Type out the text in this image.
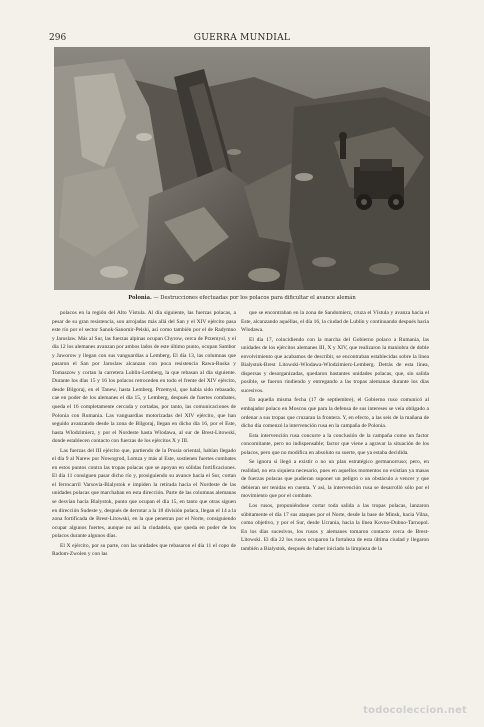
296	GUERRA MUNDIAL
Polonia. — Destrucciones efectuadas por los polacos para dificultar el avance alemán

polacos en la región del Alto Vístula. Al día siguiente, las fuerzas polacas, a pesar de su gran resistencia, son arrojadas más allá del San y el XIV ejército pasa este río por el sector Sanok-Sanomir-Pelski, así como también por el de Radymno y Jaroslaw. Más al Sur, las fuerzas alpinas ocupan Chyrow, cerca de Przemysl, y el día 12 los alemanes avanzan por ambos lados de este último punto, ocupan Sambor y Jaworow y llegan con sus vanguardias a Lemberg. El día 13, las columnas que pasaron el San por Jaroslaw alcanzan con poca resistencia Rawa-Ruska y Tomaszow y cortan la carretera Lublin-Lemberg, la que rebasan al día siguiente. Durante los días 15 y 16 los polacos retroceden en todo el frente del XIV ejército, desde Bilgoraj, en el Tanew, hasta Lemberg. Przemysl, que había sido rebasado, cae en poder de los alemanes el día 15, y Lemberg, después de fuertes combates, queda el 16 completamente cercada y cortadas, por tanto, las comunicaciones de Polonia con Rumania. Las vanguardias motorizadas del XIV ejército, que han seguido avanzando desde la zona de Bilgoraj, llegan en dicho día 16, por el Este, hasta Wlodzimierz, y por el Nordeste hasta Wlodawa, al sur de Brest-Litowski, donde establecen contacto con fuerzas de los ejércitos X y III.

Las fuerzas del III ejército que, partiendo de la Prusia oriental, habían llegado el día 9 al Narew por Nowogrod, Lomza y más al Este, sostienen fuertes combates en estos puntos contra las tropas polacas que se apoyan en sólidas fortificaciones. El día 11 consiguen pasar dicho río y, prosiguiendo su avance hacia el Sur, cortan el ferrocarril Varsovia-Bialystok e impiden la retirada hacia el Nordeste de las unidades polacas que marchaban en esta dirección. Parte de las columnas alemanas se desvían hacia Bialystok, punto que ocupan el día 15, en tanto que otras siguen en dirección Sudeste y, después de derrotar a la 18 división polaca, llegan el 14 a la zona fortificada de Brest-Litowski, en la que penetran por el Norte, consiguiendo ocupar algunos fuertes, aunque no así la ciudadela, que queda en poder de los polacos durante algunos días.

El X ejército, por su parte, con las unidades que rebasaron el día 11 el copo de Radom-Zwolen y con las

que se encontraban en la zona de Sandomierz, cruza el Vístula y avanza hacia el Este, alcanzando aquéllas, el día 16, la ciudad de Lublín y continuando después hacia Wlodawa.

El día 17, coincidiendo con la marcha del Gobierno polaco a Rumania, las unidades de los ejércitos alemanes III, X y XIV, que realizaron la maniobra de doble envolvimiento que acabamos de describir, se encontraban establecidas sobre la línea Bialystok-Brest Litowski-Wlodawa-Wlodzimierz-Lemberg. Detrás de esta línea, dispersas y desorganizadas, quedaron bastantes unidades polacas, que, sin salida posible, se fueron rindiendo y entregando a las tropas alemanas durante los días sucesivos.

En aquella misma fecha (17 de septiembre), el Gobierno ruso comunicó al embajador polaco en Moscou que para la defensa de sus intereses se veía obligado a ordenar a sus tropas que cruzaran la frontera. Y, en efecto, a las seis de la mañana de dicho día comenzó la intervención rusa en la campaña de Polonia.

Esta intervención rusa concurre a la conclusión de la campaña como un factor concomitante, pero no indispensable; factor que viene a agravar la situación de los polacos, pero que no modifica en absoluto su suerte, que ya estaba decidida.

Se ignora si llegó a existir o no un plan estratégico germanorruso; pero, en realidad, no era siquiera necesario, pues en aquellos momentos no existían ya masas de fuerzas polacas que pudieran suponer un peligro o un obstáculo a vencer y que debieran ser tenidas en cuenta. Y así, la intervención rusa se desarrolló sólo por el movimiento que por el combate.

Los rusos, proponiéndose cortar toda salida a las tropas polacas, lanzaron súbitamente el día 17 sus ataques por el Norte, desde la base de Minsk, hacia Vilna, como objetivo, y por el Sur, desde Ucrania, hacia la línea Kovno-Dubno-Tarnopol. En los días sucesivos, los rusos y alemanes tomaron contacto cerca de Brest-Litowski. El día 22 los rusos ocuparon la fortaleza de esta última ciudad y llegaron también a Bialystok, después de haber iniciado la limpieza de la

todocoleccion.net
